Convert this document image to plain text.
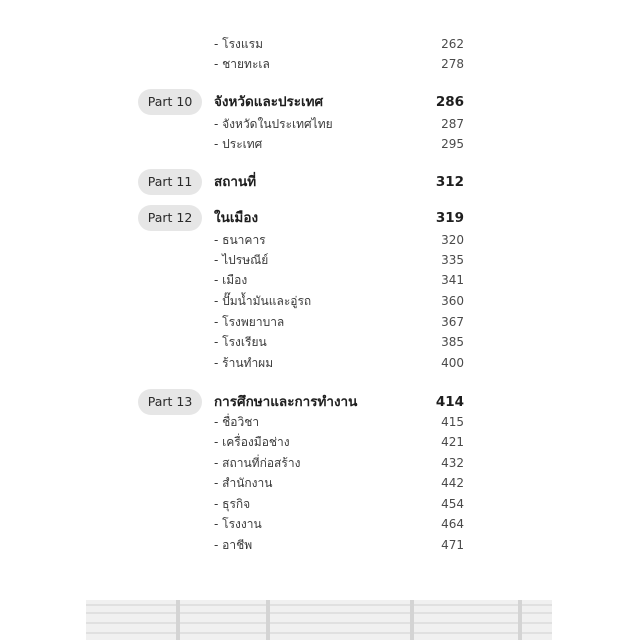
- โรงแรม	262
- ชายทะเล	278
Part 10	จังหวัดและประเทศ	286
- จังหวัดในประเทศไทย	287
- ประเทศ	295
Part 11	สถานที่	312
Part 12	ในเมือง	319
- ธนาคาร	320
- ไปรษณีย์	335
- เมือง	341
- ปั๊มน้ำมันและอู่รถ	360
- โรงพยาบาล	367
- โรงเรียน	385
- ร้านทำผม	400
Part 13	การศึกษาและการทำงาน	414
- ชื่อวิชา	415
- เครื่องมือช่าง	421
- สถานที่ก่อสร้าง	432
- สำนักงาน	442
- ธุรกิจ	454
- โรงงาน	464
- อาชีพ	471
